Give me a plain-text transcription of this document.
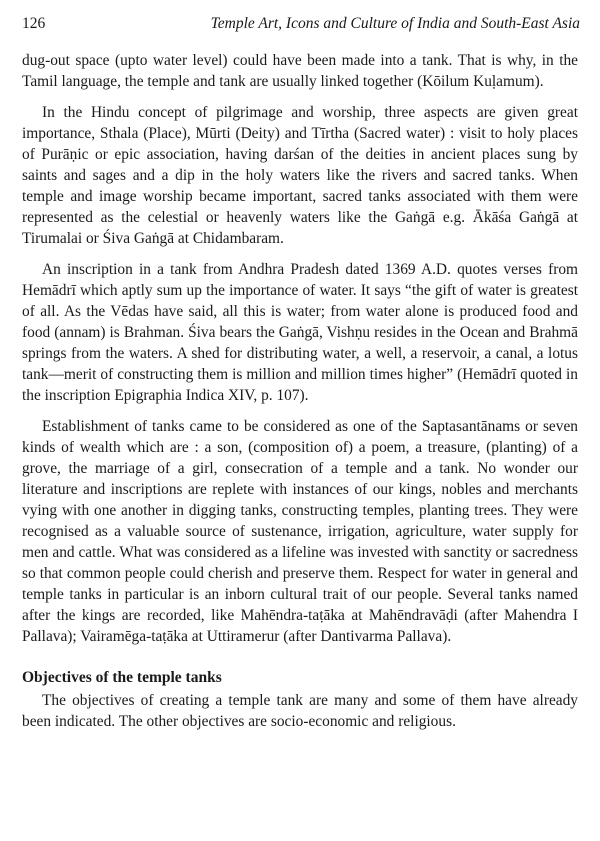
126	Temple Art, Icons and Culture of India and South-East Asia

dug-out space (upto water level) could have been made into a tank. That is why, in the Tamil language, the temple and tank are usually linked together (Kōilum Kuḷamum).

In the Hindu concept of pilgrimage and worship, three aspects are given great importance, Sthala (Place), Mūrti (Deity) and Tīrtha (Sacred water) : visit to holy places of Purāṇic or epic association, having darśan of the deities in ancient places sung by saints and sages and a dip in the holy waters like the rivers and sacred tanks. When temple and image worship became important, sacred tanks associated with them were represented as the celestial or heavenly waters like the Gaṅgā e.g. Ākāśa Gaṅgā at Tirumalai or Śiva Gaṅgā at Chidambaram.

An inscription in a tank from Andhra Pradesh dated 1369 A.D. quotes verses from Hemādrī which aptly sum up the importance of water. It says “the gift of water is greatest of all. As the Vēdas have said, all this is water; from water alone is produced food and food (annam) is Brahman. Śiva bears the Gaṅgā, Vishṇu resides in the Ocean and Brahmā springs from the waters. A shed for distributing water, a well, a reservoir, a canal, a lotus tank—merit of constructing them is million and million times higher” (Hemādrī quoted in the inscription Epigraphia Indica XIV, p. 107).

Establishment of tanks came to be considered as one of the Saptasantānams or seven kinds of wealth which are : a son, (composition of) a poem, a treasure, (planting) of a grove, the marriage of a girl, consecration of a temple and a tank. No wonder our literature and inscriptions are replete with instances of our kings, nobles and merchants vying with one another in digging tanks, constructing temples, planting trees. They were recognised as a valuable source of sustenance, irrigation, agriculture, water supply for men and cattle. What was considered as a lifeline was invested with sanctity or sacredness so that common people could cherish and preserve them. Respect for water in general and temple tanks in particular is an inborn cultural trait of our people. Several tanks named after the kings are recorded, like Mahēndra-taṭāka at Mahēndravāḍi (after Mahendra I Pallava); Vairamēga-taṭāka at Uttiramerur (after Dantivarma Pallava).

Objectives of the temple tanks

The objectives of creating a temple tank are many and some of them have already been indicated. The other objectives are socio-economic and religious.
